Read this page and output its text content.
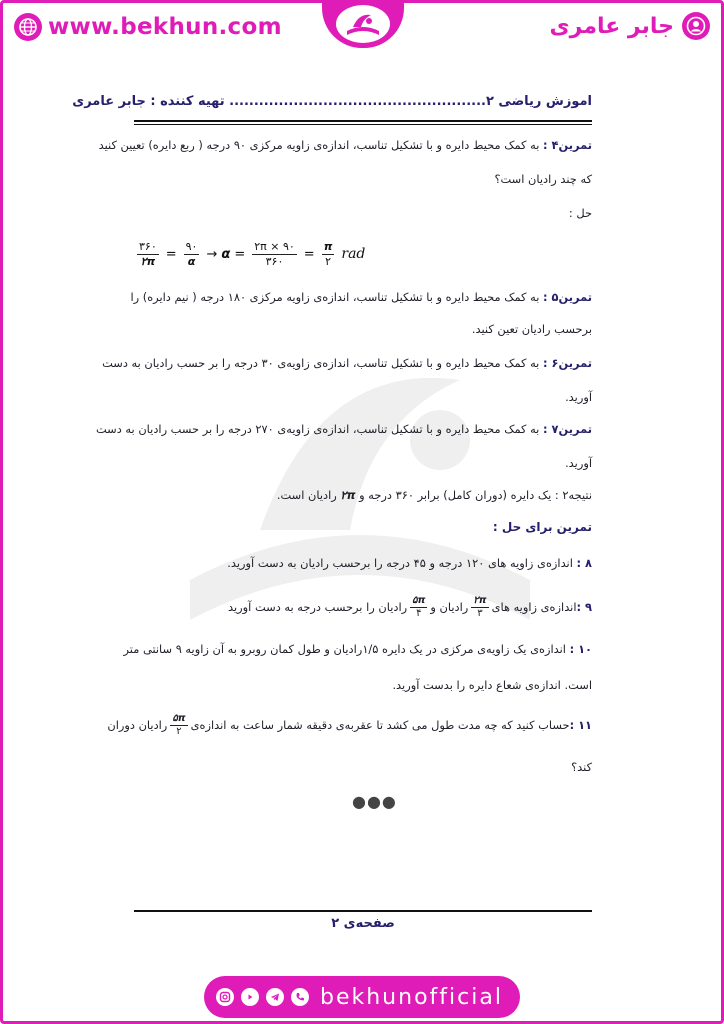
www.bekhun.com	جابر عامری
اموزش ریاضی ۲.................................................... تهیه کننده : جابر عامری
تمرین۴ : به کمک محیط دایره و با تشکیل تناسب، اندازه‌ی زاویه مرکزی ۹۰ درجه ( ربع دایره) تعیین کنید
که چند رادیان است؟
حل :
$\frac{۳۶۰}{۲\pi} = \frac{۹۰}{\alpha} \to \alpha = \frac{۲\pi \times ۹۰}{۳۶۰} = \frac{\pi}{۲}$ rad
تمرین۵ : به کمک محیط دایره و با تشکیل تناسب، اندازه‌ی زاویه مرکزی ۱۸۰ درجه ( نیم دایره) را
برحسب رادیان تعین کنید.
تمرین۶ : به کمک محیط دایره و با تشکیل تناسب، اندازه‌ی زاویه‌ی ۳۰ درجه را بر حسب رادیان به دست
آورید.
تمرین۷ : به کمک محیط دایره و با تشکیل تناسب، اندازه‌ی زاویه‌ی ۲۷۰ درجه را بر حسب رادیان به دست
آورید.
نتیجه۲ : یک دایره (دوران کامل) برابر ۳۶۰ درجه و ۲π رادیان است.
تمرین برای حل :
۸ : اندازه‌ی زاویه های ۱۲۰ درجه و ۴۵ درجه را برحسب رادیان به دست آورید.
۹ :
اندازه‌ی زاویه های
$\frac{۲\pi}{۳}$
رادیان و
$\frac{۵\pi}{۴}$
رادیان را برحسب درجه به دست آورید
۱۰ : اندازه‌ی یک زاویه‌ی مرکزی در یک دایره ۱/۵رادیان و طول کمان روبرو به آن زاویه ۹ سانتی متر
است. اندازه‌ی شعاع دایره را بدست آورید.
۱۱ :
حساب کنید که چه مدت طول می کشد تا عقربه‌ی دقیقه شمار ساعت به اندازه‌ی
$\frac{۵\pi}{۲}$
رادیان دوران
کند؟
●●●
صفحه‌ی ۲
bekhunofficial
